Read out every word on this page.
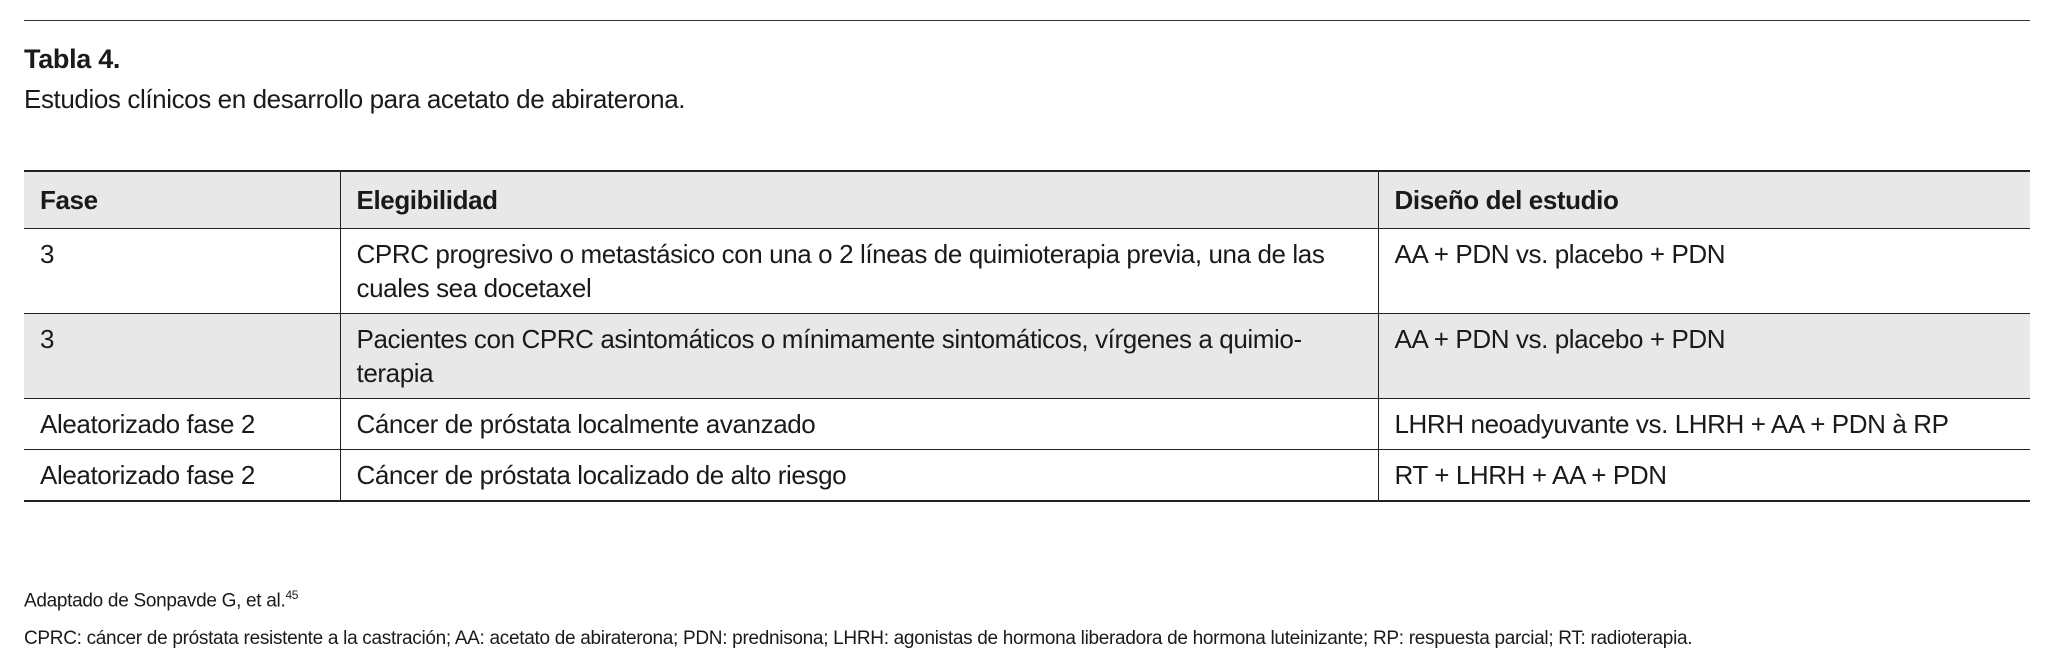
Tabla 4.
Estudios clínicos en desarrollo para acetato de abiraterona.
Fase	Elegibilidad	Diseño del estudio
3	CPRC progresivo o metastásico con una o 2 líneas de quimioterapia previa, una de las cuales sea docetaxel	AA + PDN vs. placebo + PDN
3	Pacientes con CPRC asintomáticos o mínimamente sintomáticos, vírgenes a quimioterapia	AA + PDN vs. placebo + PDN
Aleatorizado fase 2	Cáncer de próstata localmente avanzado	LHRH neoadyuvante vs. LHRH + AA + PDN à RP
Aleatorizado fase 2	Cáncer de próstata localizado de alto riesgo	RT + LHRH + AA + PDN
Adaptado de Sonpavde G, et al.$^{45}$
CPRC: cáncer de próstata resistente a la castración; AA: acetato de abiraterona; PDN: prednisona; LHRH: agonistas de hormona liberadora de hormona luteinizante; RP: respuesta parcial; RT: radioterapia.
